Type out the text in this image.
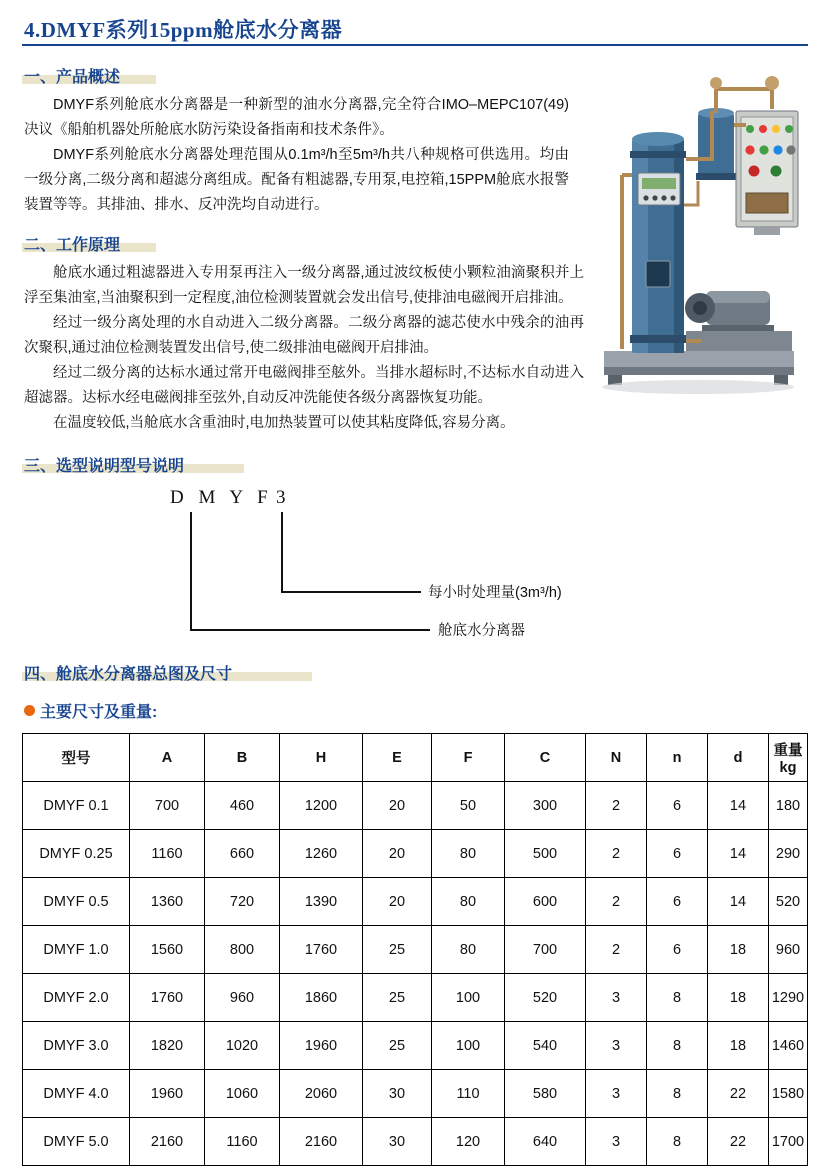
4.DMYF系列15ppm舱底水分离器
一、产品概述
DMYF系列舱底水分离器是一种新型的油水分离器,完全符合IMO–MEPC107(49)决议《船舶机器处所舱底水防污染设备指南和技术条件》。
DMYF系列舱底水分离器处理范围从0.1m³/h至5m³/h共八种规格可供选用。均由一级分离,二级分离和超滤分离组成。配备有粗滤器,专用泵,电控箱,15PPM舱底水报警装置等等。其排油、排水、反冲洗均自动进行。
二、工作原理
舱底水通过粗滤器进入专用泵再注入一级分离器,通过波纹板使小颗粒油滴聚积并上浮至集油室,当油聚积到一定程度,油位检测装置就会发出信号,使排油电磁阀开启排油。
经过一级分离处理的水自动进入二级分离器。二级分离器的滤芯使水中残余的油再次聚积,通过油位检测装置发出信号,使二级排油电磁阀开启排油。
经过二级分离的达标水通过常开电磁阀排至舷外。当排水超标时,不达标水自动进入超滤器。达标水经电磁阀排至弦外,自动反冲洗能使各级分离器恢复功能。
在温度较低,当舱底水含重油时,电加热装置可以使其粘度降低,容易分离。
三、选型说明型号说明
D M Y F 3
每小时处理量(3m³/h)
舱底水分离器
四、舱底水分离器总图及尺寸
主要尺寸及重量:
型号	A	B	H	E	F	C	N	n	d	重量kg
DMYF 0.1	700	460	1200	20	50	300	2	6	14	180
DMYF 0.25	1160	660	1260	20	80	500	2	6	14	290
DMYF 0.5	1360	720	1390	20	80	600	2	6	14	520
DMYF 1.0	1560	800	1760	25	80	700	2	6	18	960
DMYF 2.0	1760	960	1860	25	100	520	3	8	18	1290
DMYF 3.0	1820	1020	1960	25	100	540	3	8	18	1460
DMYF 4.0	1960	1060	2060	30	110	580	3	8	22	1580
DMYF 5.0	2160	1160	2160	30	120	640	3	8	22	1700
